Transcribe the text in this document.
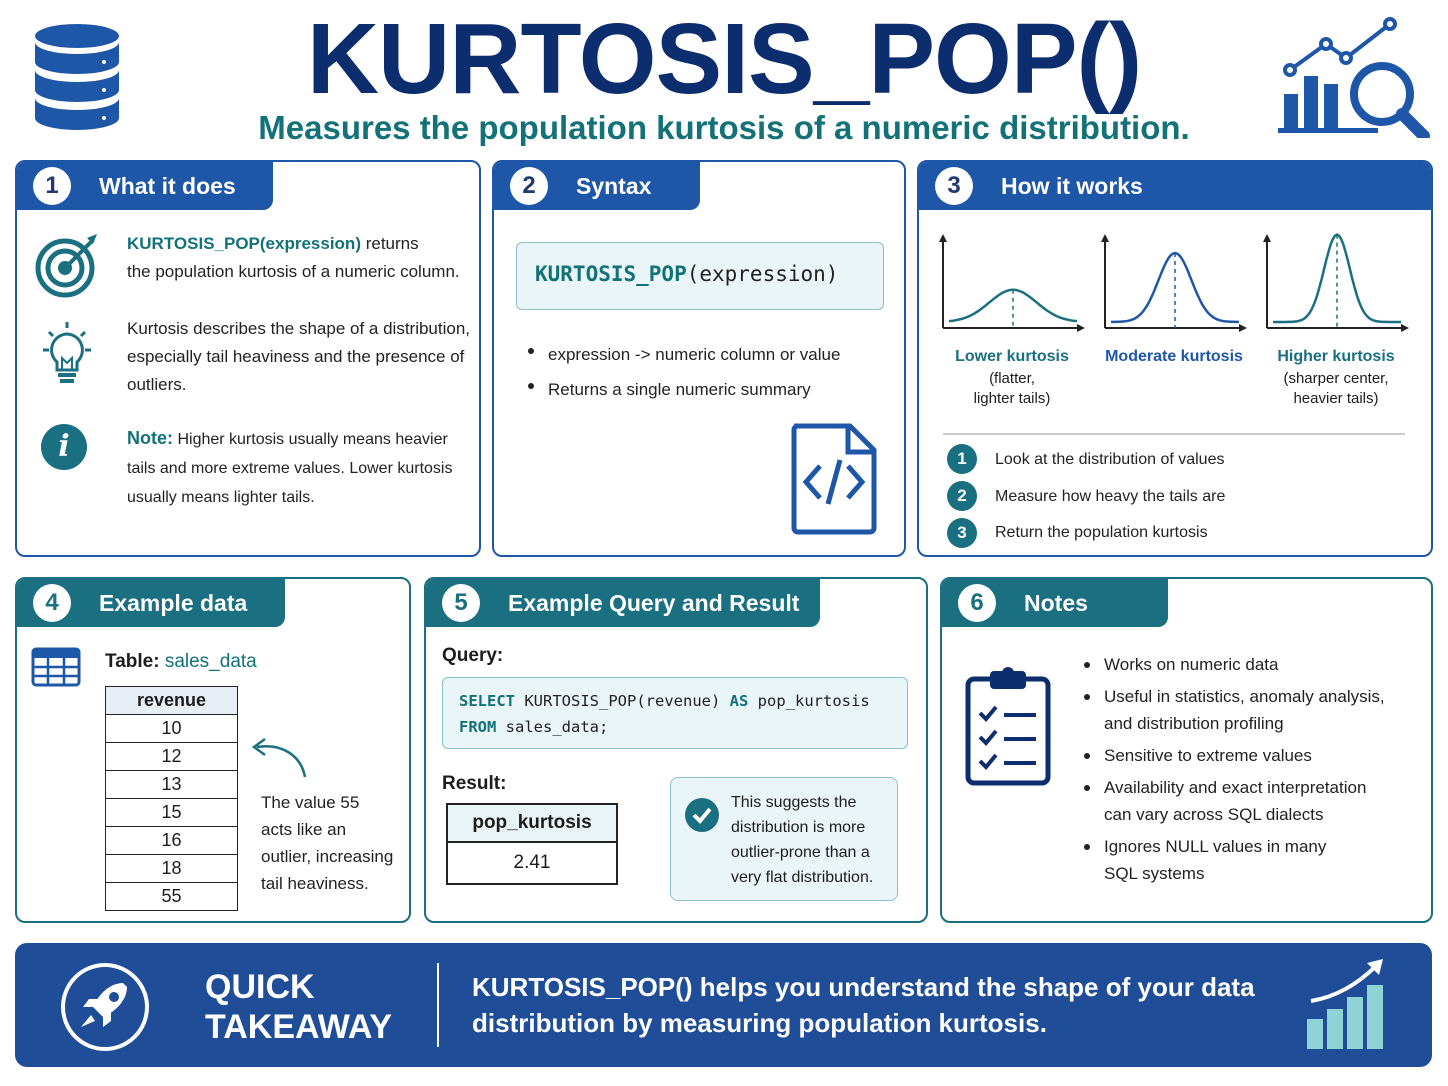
KURTOSIS_POP()
Measures the population kurtosis of a numeric distribution.
1	What it does
KURTOSIS_POP(expression) returns
the population kurtosis of a numeric column.
Kurtosis describes the shape of a distribution, especially tail heaviness and the presence of outliers.
i	Note: Higher kurtosis usually means heavier tails and more extreme values. Lower kurtosis usually means lighter tails.
2	Syntax
KURTOSIS_POP(expression)
expression -> numeric column or value
Returns a single numeric summary
3	How it works
Lower kurtosis
(flatter,
lighter tails)
Moderate kurtosis	Higher kurtosis
(sharper center,
heavier tails)
1	Look at the distribution of values
2	Measure how heavy the tails are
3	Return the population kurtosis
4	Example data
Table: sales_data
revenue
10
12
13
15
16
18
55
The value 55
acts like an
outlier, increasing
tail heaviness.
5	Example Query and Result
Query:
SELECT KURTOSIS_POP(revenue) AS pop_kurtosis
FROM sales_data;
Result:
pop_kurtosis
2.41
This suggests the
distribution is more
outlier-prone than a
very flat distribution.
6	Notes
Works on numeric data
Useful in statistics, anomaly analysis,
and distribution profiling
Sensitive to extreme values
Availability and exact interpretation
can vary across SQL dialects
Ignores NULL values in many
SQL systems
QUICK
TAKEAWAY
KURTOSIS_POP() helps you understand the shape of your data
distribution by measuring population kurtosis.
